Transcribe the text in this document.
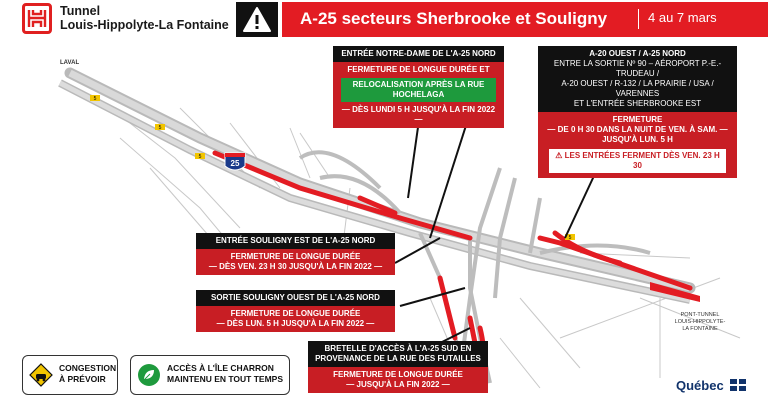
Tunnel
Louis-Hippolyte-La Fontaine	A-25 secteurs Sherbrooke et Souligny	4 au 7 mars
25
5
5
5
5
LAVAL
PONT-TUNNEL
LOUIS-HIPPOLYTE-
LA FONTAINE
ENTRÉE NOTRE-DAME DE L'A-25 NORD
FERMETURE DE LONGUE DURÉE ET
RELOCALISATION APRÈS LA RUE HOCHELAGA
— DÈS LUNDI 5 H JUSQU'À LA FIN 2022 —
A-20 OUEST / A-25 NORD
ENTRE LA SORTIE Nº 90 – AÉROPORT P.-E.-TRUDEAU /
A-20 OUEST / R-132 / LA PRAIRIE / USA / VARENNES
ET L'ENTRÉE SHERBROOKE EST
FERMETURE
— DE 0 H 30 DANS LA NUIT DE VEN. À SAM. —
JUSQU'À LUN. 5 H
⚠ LES ENTRÉES FERMENT DÈS VEN. 23 H 30
ENTRÉE SOULIGNY EST DE L'A-25 NORD
FERMETURE DE LONGUE DURÉE
— DÈS VEN. 23 H 30 JUSQU'À LA FIN 2022 —
SORTIE SOULIGNY OUEST DE L'A-25 NORD
FERMETURE DE LONGUE DURÉE
— DÈS LUN. 5 H JUSQU'À LA FIN 2022 —
BRETELLE D'ACCÈS À L'A-25 SUD EN
PROVENANCE DE LA RUE DES FUTAILLES
FERMETURE DE LONGUE DURÉE
— JUSQU'À LA FIN 2022 —
CONGESTION
À PRÉVOIR
ACCÈS À L'ÎLE CHARRON
MAINTENU EN TOUT TEMPS	Québec
